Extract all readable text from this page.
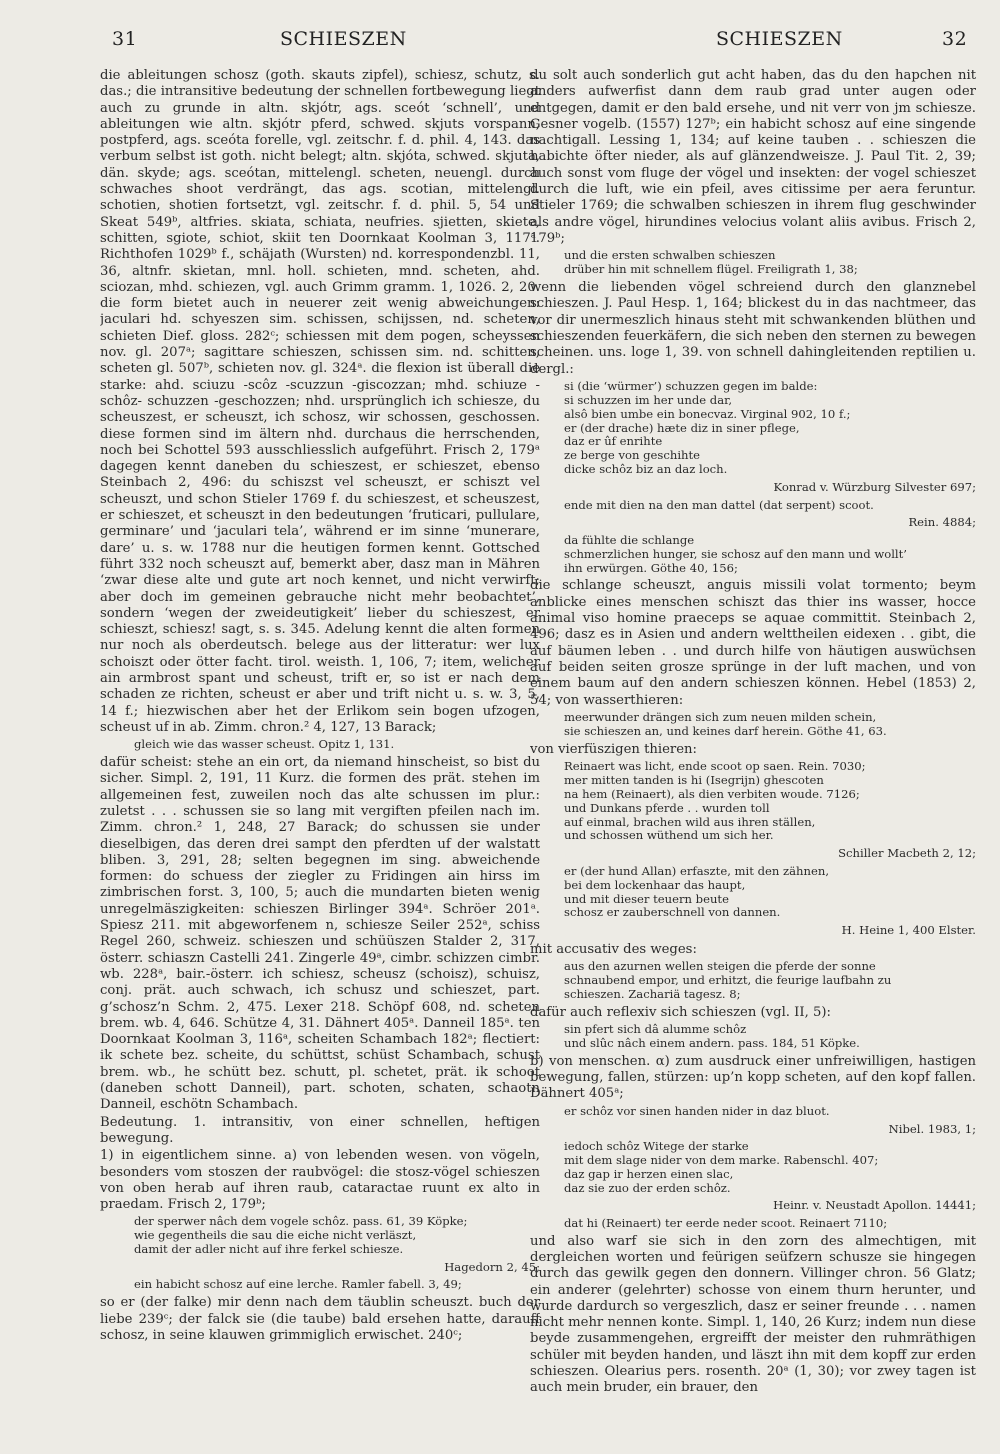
31	SCHIESZEN	SCHIESZEN	32

die ableitungen schosz (goth. skauts zipfel), schiesz, schutz, s. das.; die intransitive bedeutung der schnellen fortbewegung liegt auch zu grunde in altn. skjótr, ags. sceót ‘schnell’, und ableitungen wie altn. skjótr pferd, schwed. skjuts vorspann, postpferd, ags. sceóta forelle, vgl. zeitschr. f. d. phil. 4, 143. das verbum selbst ist goth. nicht belegt; altn. skjóta, schwed. skjuta, dän. skyde; ags. sceótan, mittelengl. scheten, neuengl. durch schwaches shoot verdrängt, das ags. scotian, mittelengl. schotien, shotien fortsetzt, vgl. zeitschr. f. d. phil. 5, 54 und Skeat 549ᵇ, altfries. skiata, schiata, neufries. sjietten, skiete, schitten, sgiote, schiot, skiit ten Doornkaat Koolman 3, 117ᵃ. Richthofen 1029ᵇ f., schäjath (Wursten) nd. korrespondenzbl. 11, 36, altnfr. skietan, mnl. holl. schieten, mnd. scheten, ahd. sciozan, mhd. schiezen, vgl. auch Grimm gramm. 1, 1026. 2, 20. die form bietet auch in neuerer zeit wenig abweichungen: jaculari hd. schyeszen sim. schissen, schijssen, nd. scheten, schieten Dief. gloss. 282ᶜ; schiessen mit dem pogen, scheyssen nov. gl. 207ᵃ; sagittare schieszen, schissen sim. nd. schitten, scheten gl. 507ᵇ, schieten nov. gl. 324ᵃ. die flexion ist überall die starke: ahd. sciuzu -scôz -scuzzun -giscozzan; mhd. schiuze -schôz- schuzzen -geschozzen; nhd. ursprünglich ich schiesze, du scheuszest, er scheuszt, ich schosz, wir schossen, geschossen. diese formen sind im ältern nhd. durchaus die herrschenden, noch bei Schottel 593 ausschliesslich aufgeführt. Frisch 2, 179ᵃ dagegen kennt daneben du schieszest, er schieszet, ebenso Steinbach 2, 496: du schiszst vel scheuszt, er schiszt vel scheuszt, und schon Stieler 1769 f. du schieszest, et scheuszest, er schieszet, et scheuszt in den bedeutungen ‘fruticari, pullulare, germinare’ und ‘jaculari tela’, während er im sinne ‘munerare, dare’ u. s. w. 1788 nur die heutigen formen kennt. Gottsched führt 332 noch scheuszt auf, bemerkt aber, dasz man in Mähren ‘zwar diese alte und gute art noch kennet, und nicht verwirft; aber doch im gemeinen gebrauche nicht mehr beobachtet’, sondern ‘wegen der zweideutigkeit’ lieber du schieszest, er schieszt, schiesz! sagt, s. s. 345. Adelung kennt die alten formen nur noch als oberdeutsch. belege aus der litteratur: wer lux schoiszt oder ötter facht. tirol. weisth. 1, 106, 7; item, welicher ain armbrost spant und scheust, trift er, so ist er nach dem schaden ze richten, scheust er aber und trift nicht u. s. w. 3, 5, 14 f.; hiezwischen aber het der Erlikom sein bogen ufzogen, scheust uf in ab. Zimm. chron.² 4, 127, 13 Barack;

gleich wie das wasser scheust. Opitz 1, 131.

dafür scheist: stehe an ein ort, da niemand hinscheist, so bist du sicher. Simpl. 2, 191, 11 Kurz. die formen des prät. stehen im allgemeinen fest, zuweilen noch das alte schussen im plur.: zuletst . . . schussen sie so lang mit vergiften pfeilen nach im. Zimm. chron.² 1, 248, 27 Barack; do schussen sie under dieselbigen, das deren drei sampt den pferdten uf der walstatt bliben. 3, 291, 28; selten begegnen im sing. abweichende formen: do schuess der ziegler zu Fridingen ain hirss im zimbrischen forst. 3, 100, 5; auch die mundarten bieten wenig unregelmäszigkeiten: schieszen Birlinger 394ᵃ. Schröer 201ᵃ. Spiesz 211. mit abgeworfenem n, schiesze Seiler 252ᵃ, schiss Regel 260, schweiz. schieszen und schüüszen Stalder 2, 317, österr. schiaszn Castelli 241. Zingerle 49ᵃ, cimbr. schizzen cimbr. wb. 228ᵃ, bair.-österr. ich schiesz, scheusz (schoisz), schuisz, conj. prät. auch schwach, ich schusz und schieszet, part. g’schosz’n Schm. 2, 475. Lexer 218. Schöpf 608, nd. scheten brem. wb. 4, 646. Schütze 4, 31. Dähnert 405ᵃ. Danneil 185ᵃ. ten Doornkaat Koolman 3, 116ᵃ, scheiten Schambach 182ᵃ; flectiert: ik schete bez. scheite, du schüttst, schüst Schambach, schust brem. wb., he schütt bez. schutt, pl. schetet, prät. ik schoot (daneben schott Danneil), part. schoten, schaten, schaotn Danneil, eschötn Schambach.

Bedeutung. 1. intransitiv, von einer schnellen, heftigen bewegung.

1) in eigentlichem sinne. a) von lebenden wesen. von vögeln, besonders vom stoszen der raubvögel: die stosz-vögel schieszen von oben herab auf ihren raub, cataractae ruunt ex alto in praedam. Frisch 2, 179ᵇ;

der sperwer nâch dem vogele schôz. pass. 61, 39 Köpke;
wie gegentheils die sau die eiche nicht verläszt,
damit der adler nicht auf ihre ferkel schiesze.

Hagedorn 2, 45;

ein habicht schosz auf eine lerche. Ramler fabell. 3, 49;

so er (der falke) mir denn nach dem täublin scheuszt. buch der liebe 239ᶜ; der falck sie (die taube) bald ersehen hatte, darauff schosz, in seine klauwen grimmiglich erwischet. 240ᶜ;

du solt auch sonderlich gut acht haben, das du den hapchen nit anders aufwerfist dann dem raub grad unter augen oder entgegen, damit er den bald ersehe, und nit verr von jm schiesze. Gesner vogelb. (1557) 127ᵇ; ein habicht schosz auf eine singende nachtigall. Lessing 1, 134; auf keine tauben . . schieszen die habichte öfter nieder, als auf glänzendweisze. J. Paul Tit. 2, 39; auch sonst vom fluge der vögel und insekten: der vogel schieszet durch die luft, wie ein pfeil, aves citissime per aera feruntur. Stieler 1769; die schwalben schieszen in ihrem flug geschwinder als andre vögel, hirundines velocius volant aliis avibus. Frisch 2, 179ᵇ;

und die ersten schwalben schieszen
drüber hin mit schnellem flügel. Freiligrath 1, 38;

wenn die liebenden vögel schreiend durch den glanznebel schieszen. J. Paul Hesp. 1, 164; blickest du in das nachtmeer, das vor dir unermeszlich hinaus steht mit schwankenden blüthen und schieszenden feuerkäfern, die sich neben den sternen zu bewegen scheinen. uns. loge 1, 39. von schnell dahingleitenden reptilien u. dergl.:

si (die ‘würmer’) schuzzen gegen im balde:
si schuzzen im her unde dar,
alsô bien umbe ein bonecvaz. Virginal 902, 10 f.;
er (der drache) hæte diz in siner pflege,
daz er ûf enrihte
ze berge von geschihte
dicke schôz biz an daz loch.

Konrad v. Würzburg Silvester 697;

ende mit dien na den man dattel (dat serpent) scoot.

Rein. 4884;

da fühlte die schlange
schmerzlichen hunger, sie schosz auf den mann und wollt’
ihn erwürgen. Göthe 40, 156;

die schlange scheuszt, anguis missili volat tormento; beym anblicke eines menschen schiszt das thier ins wasser, hocce animal viso homine praeceps se aquae committit. Steinbach 2, 496; dasz es in Asien und andern welttheilen eidexen . . gibt, die auf bäumen leben . . und durch hilfe von häutigen auswüchsen auf beiden seiten groszе sprünge in der luft machen, und von einem baum auf den andern schieszen können. Hebel (1853) 2, 54; von wasserthieren:

meerwunder drängen sich zum neuen milden schein,
sie schieszen an, und keines darf herein. Göthe 41, 63.

von vierfüszigen thieren:

Reinaert was licht, ende scoot op saen. Rein. 7030;
mer mitten tanden is hi (Isegrijn) ghescoten
na hem (Reinaert), als dien verbiten woude. 7126;
und Dunkans pferde . . wurden toll
auf einmal, brachen wild aus ihren ställen,
und schossen wüthend um sich her.

Schiller Macbeth 2, 12;

er (der hund Allan) erfaszte, mit den zähnen,
bei dem lockenhaar das haupt,
und mit dieser teuern beute
schosz er zauberschnell von dannen.

H. Heine 1, 400 Elster.

mit accusativ des weges:

aus den azurnen wellen steigen die pferde der sonne
schnaubend empor, und erhitzt, die feurige laufbahn zu
schieszen. Zachariä tagesz. 8;

dafür auch reflexiv sich schieszen (vgl. II, 5):

sin pfert sich dâ alumme schôz
und slûc nâch einem andern. pass. 184, 51 Köpke.

b) von menschen. α) zum ausdruck einer unfreiwilligen, hastigen bewegung, fallen, stürzen: up’n kopp scheten, auf den kopf fallen. Dähnert 405ᵃ;

er schôz vor sinen handen nider in daz bluot.

Nibel. 1983, 1;

iedoch schôz Witege der starke
mit dem slage nider von dem marke. Rabenschl. 407;
daz gap ir herzen einen slac,
daz sie zuo der erden schôz.

Heinr. v. Neustadt Apollon. 14441;

dat hi (Reinaert) ter eerde neder scoot. Reinaert 7110;

und also warf sie sich in den zorn des almechtigen, mit dergleichen worten und feürigen seüfzern schusze sie hingegen durch das gewilk gegen den donnern. Villinger chron. 56 Glatz; ein anderer (gelehrter) schosse von einem thurn herunter, und wurde dardurch so vergeszlich, dasz er seiner freunde . . . namen nicht mehr nennen konte. Simpl. 1, 140, 26 Kurz; indem nun diese beyde zusammengehen, ergreifft der meister den ruhmräthigen schüler mit beyden handen, und läszt ihn mit dem kopff zur erden schieszen. Olearius pers. rosenth. 20ᵃ (1, 30); vor zwey tagen ist auch mein bruder, ein brauer, den
